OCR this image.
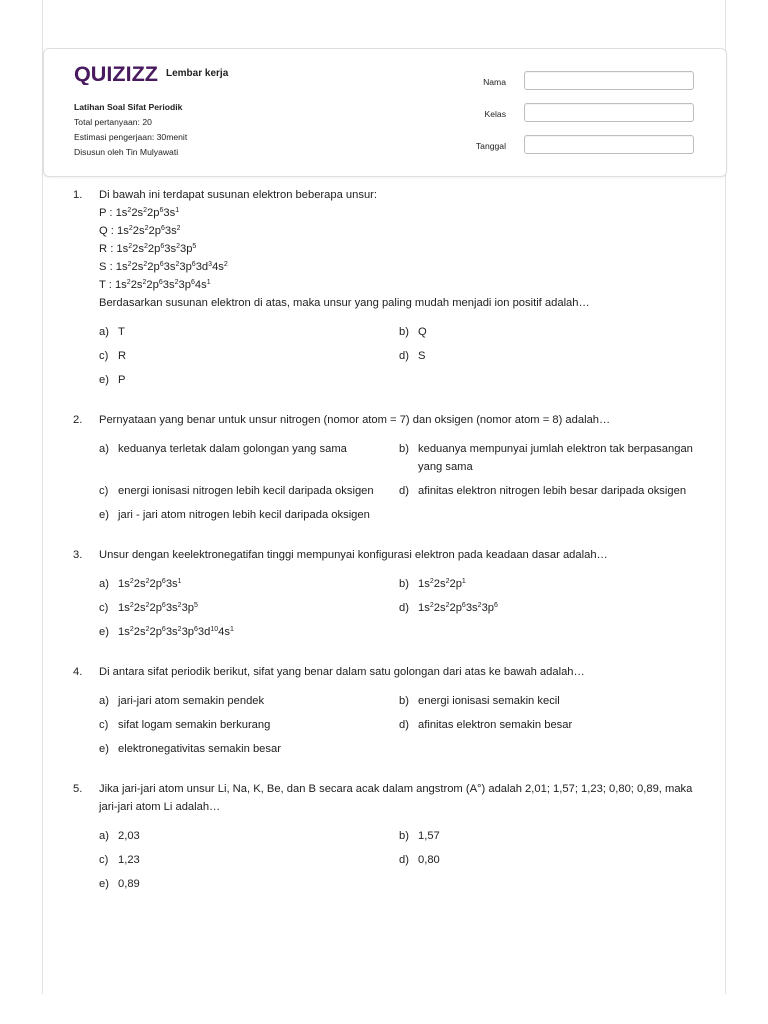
QUIZIZZ Lembar kerja
Latihan Soal Sifat Periodik
Total pertanyaan: 20
Estimasi pengerjaan: 30menit
Disusun oleh Tin Mulyawati
Nama
Kelas
Tanggal
1.	Di bawah ini terdapat susunan elektron beberapa unsur:
P : $1s^22s^22p^63s^1$
Q : $1s^22s^22p^63s^2$
R : $1s^22s^22p^63s^23p^5$
S : $1s^22s^22p^63s^23p^63d^34s^2$
T : $1s^22s^22p^63s^23p^64s^1$
Berdasarkan susunan elektron di atas, maka unsur yang paling mudah menjadi ion positif adalah…
a) T	b) Q
c) R	d) S
e) P
2.	Pernyataan yang benar untuk unsur nitrogen (nomor atom = 7) dan oksigen (nomor atom = 8) adalah…
a) keduanya terletak dalam golongan yang sama	b) keduanya mempunyai jumlah elektron tak berpasangan yang sama
c) energi ionisasi nitrogen lebih kecil daripada oksigen	d) afinitas elektron nitrogen lebih besar daripada oksigen
e) jari - jari atom nitrogen lebih kecil daripada oksigen
3.	Unsur dengan keelektronegatifan tinggi mempunyai konfigurasi elektron pada keadaan dasar adalah…
a) $1s^22s^22p^63s^1$	b) $1s^22s^22p^1$
c) $1s^22s^22p^63s^23p^5$	d) $1s^22s^22p^63s^23p^6$
e) $1s^22s^22p^63s^23p^63d^{10}4s^1$
4.	Di antara sifat periodik berikut, sifat yang benar dalam satu golongan dari atas ke bawah adalah…
a) jari-jari atom semakin pendek	b) energi ionisasi semakin kecil
c) sifat logam semakin berkurang	d) afinitas elektron semakin besar
e) elektronegativitas semakin besar
5.	Jika jari-jari atom unsur Li, Na, K, Be, dan B secara acak dalam angstrom (A°) adalah 2,01; 1,57; 1,23; 0,80; 0,89, maka jari-jari atom Li adalah…
a) 2,03	b) 1,57
c) 1,23	d) 0,80
e) 0,89
